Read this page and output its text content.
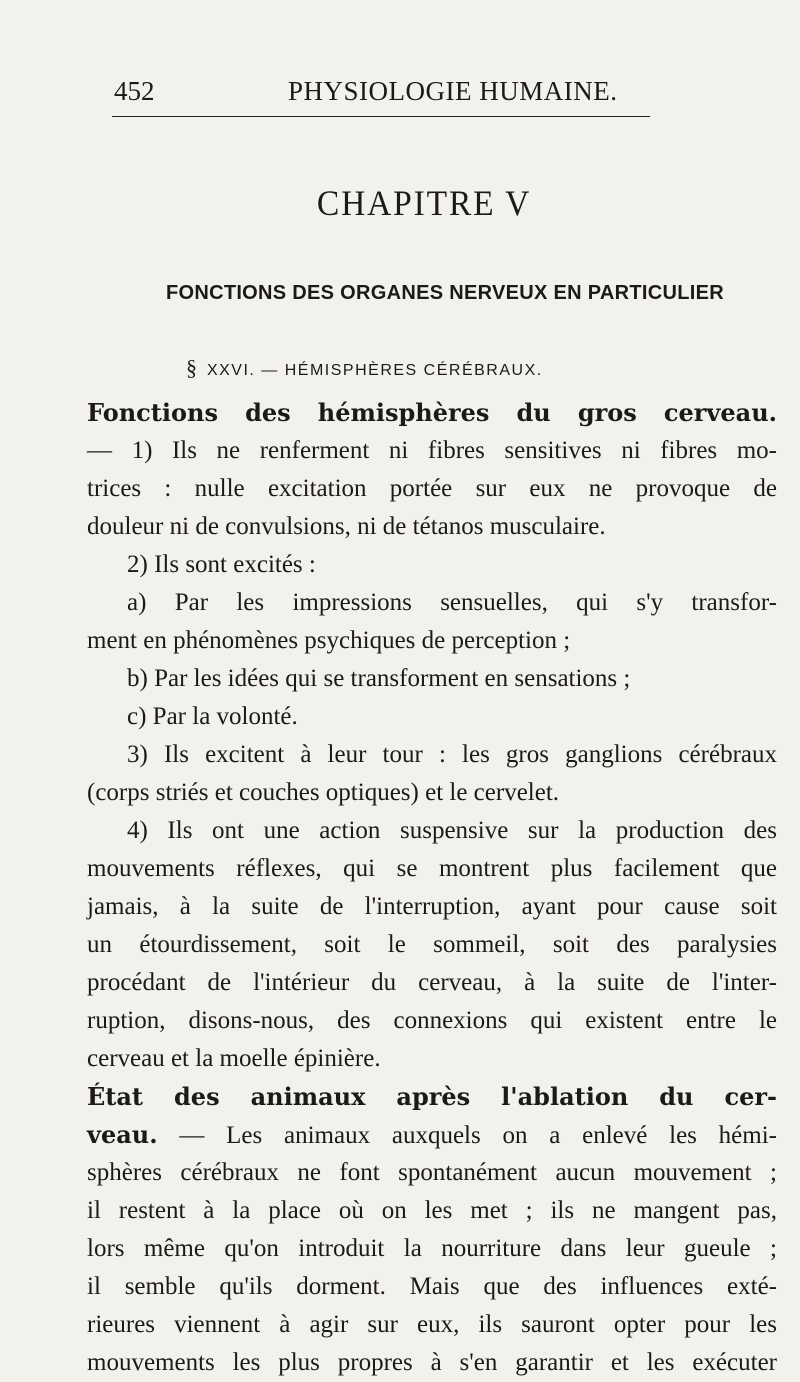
452	PHYSIOLOGIE HUMAINE.
CHAPITRE V
FONCTIONS DES ORGANES NERVEUX EN PARTICULIER
§ XXVI. — HÉMISPHÈRES CÉRÉBRAUX.
Fonctions des hémisphères du gros cerveau.
— 1) Ils ne renferment ni fibres sensitives ni fibres mo-
trices : nulle excitation portée sur eux ne provoque de
douleur ni de convulsions, ni de tétanos musculaire.
2) Ils sont excités :
a) Par les impressions sensuelles, qui s'y transfor-
ment en phénomènes psychiques de perception ;
b) Par les idées qui se transforment en sensations ;
c) Par la volonté.
3) Ils excitent à leur tour : les gros ganglions cérébraux
(corps striés et couches optiques) et le cervelet.
4) Ils ont une action suspensive sur la production des
mouvements réflexes, qui se montrent plus facilement que
jamais, à la suite de l'interruption, ayant pour cause soit
un étourdissement, soit le sommeil, soit des paralysies
procédant de l'intérieur du cerveau, à la suite de l'inter-
ruption, disons-nous, des connexions qui existent entre le
cerveau et la moelle épinière.
État des animaux après l'ablation du cer-
veau. — Les animaux auxquels on a enlevé les hémi-
sphères cérébraux ne font spontanément aucun mouvement ;
il restent à la place où on les met ; ils ne mangent pas,
lors même qu'on introduit la nourriture dans leur gueule ;
il semble qu'ils dorment. Mais que des influences exté-
rieures viennent à agir sur eux, ils sauront opter pour les
mouvements les plus propres à s'en garantir et les exécuter
